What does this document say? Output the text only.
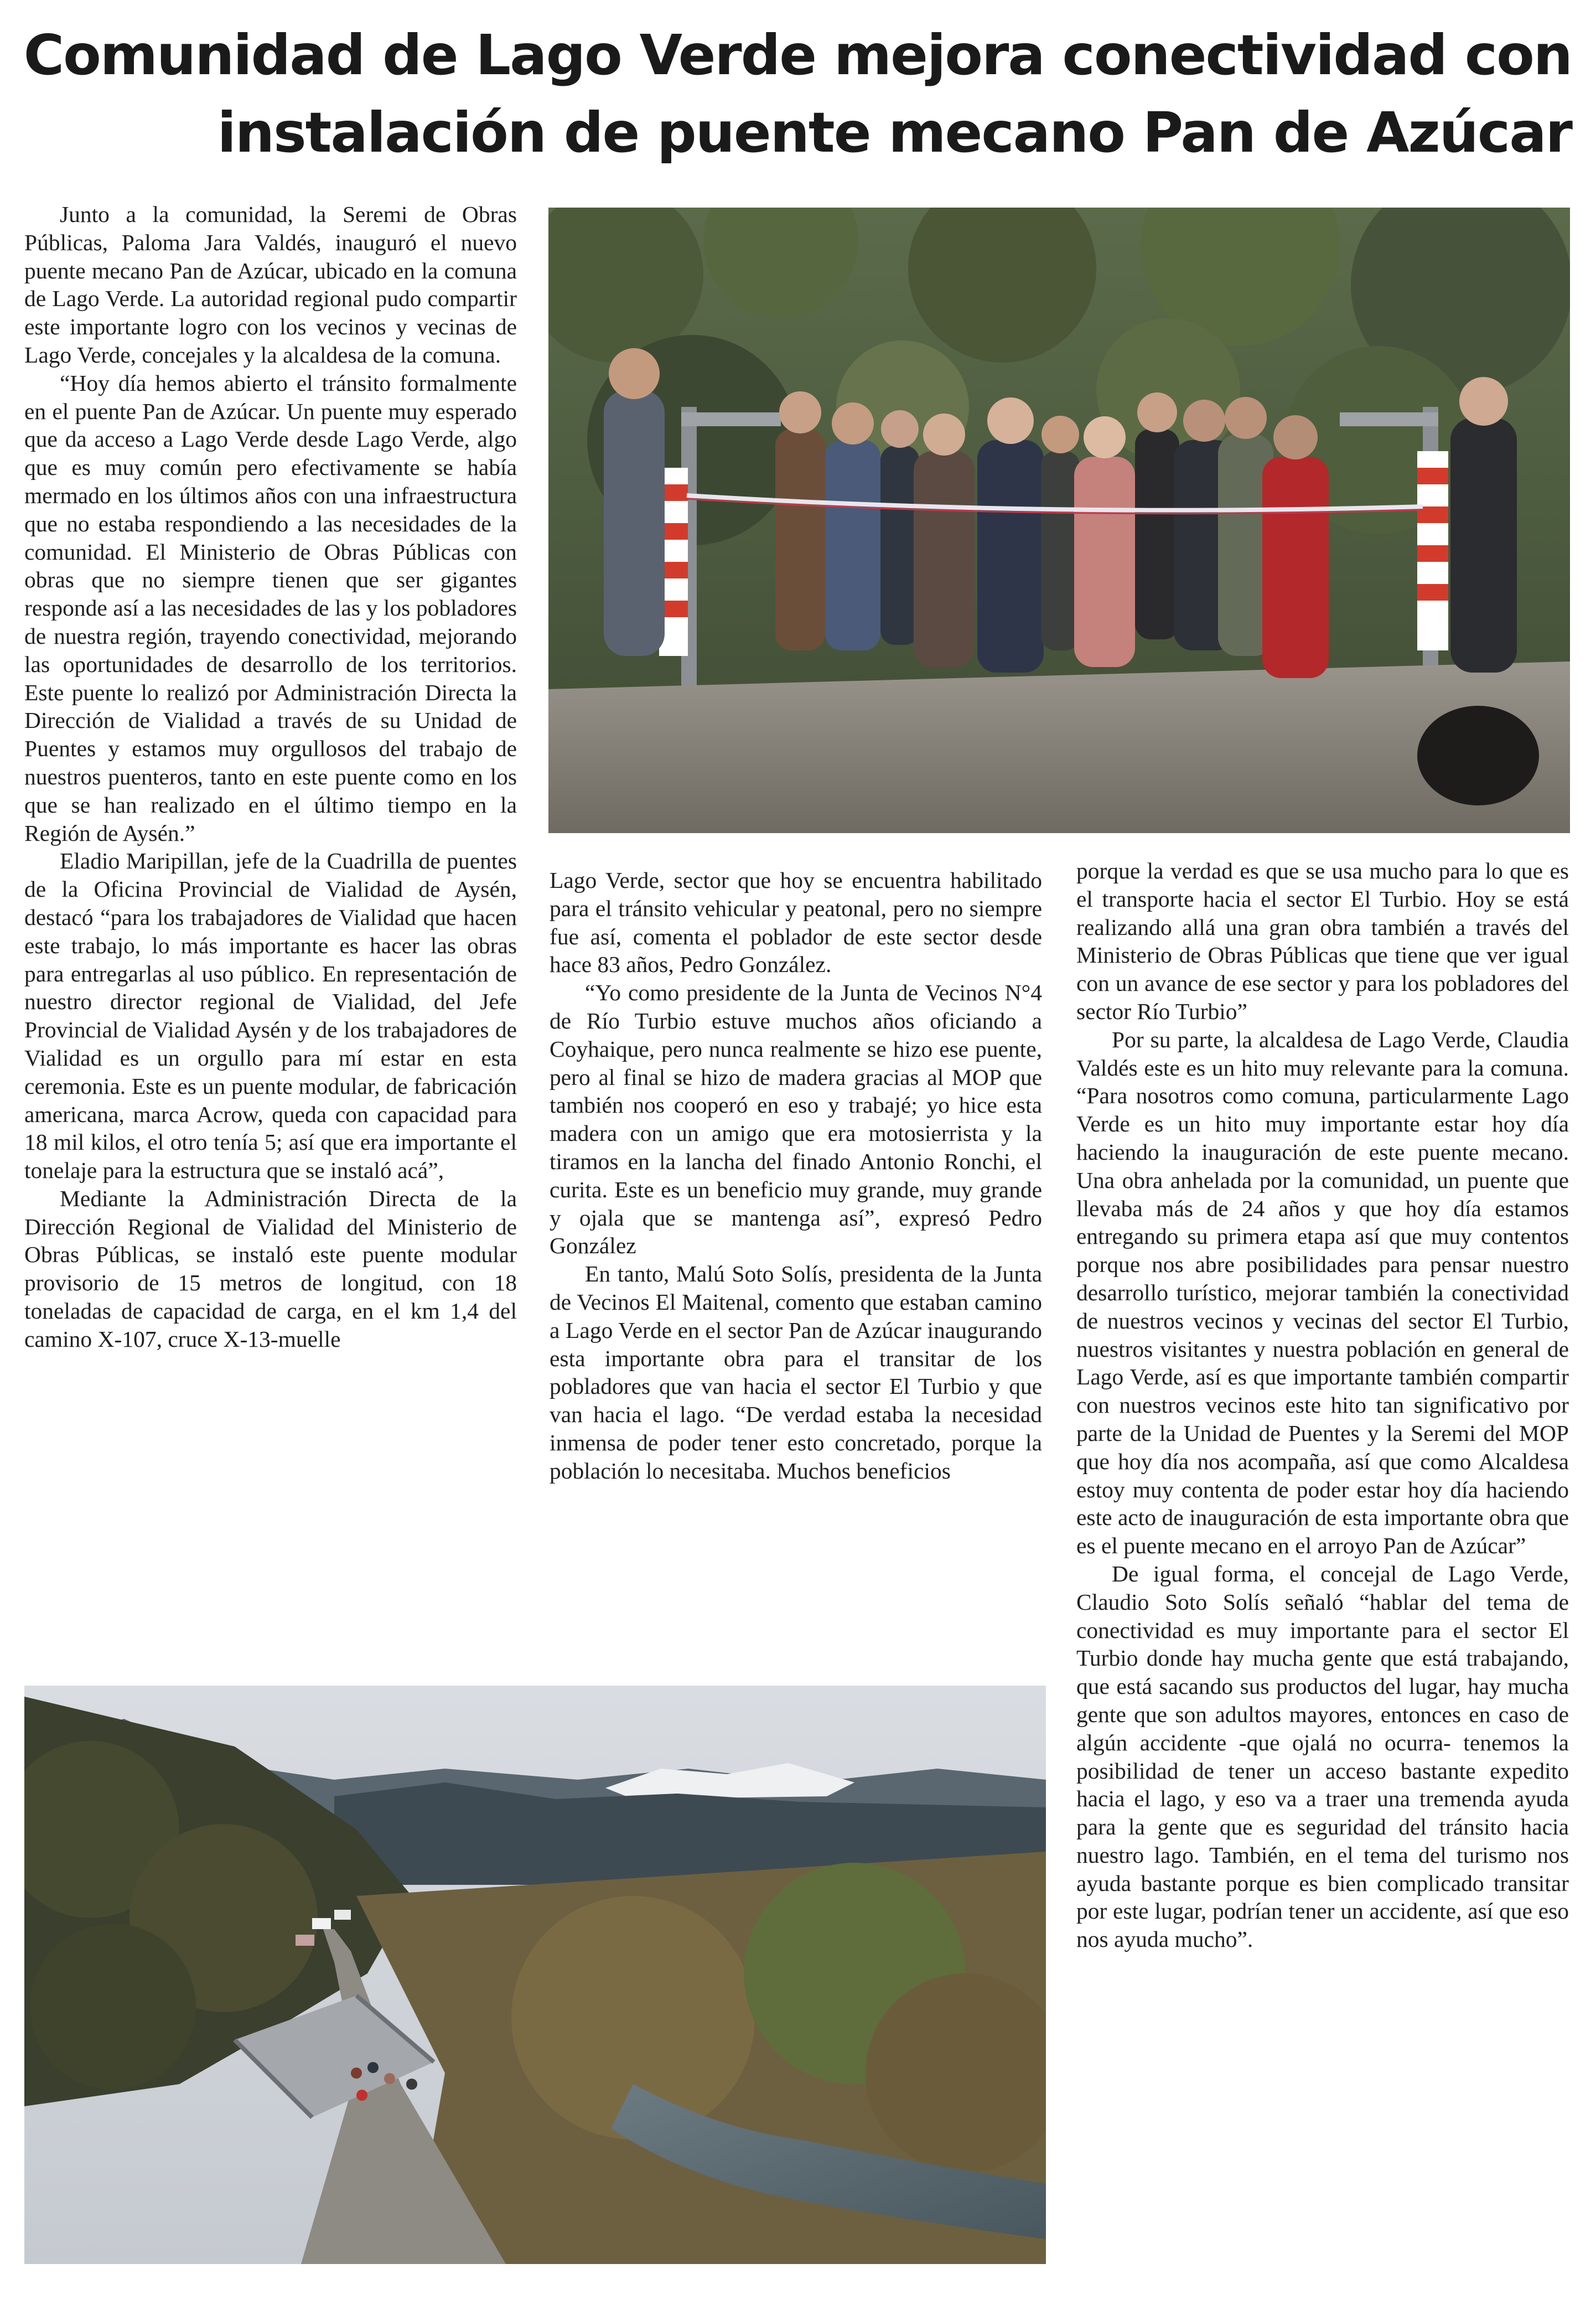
Comunidad de Lago Verde mejora conectividad con
instalación de puente mecano Pan de Azúcar

Junto a la comunidad, la Seremi de Obras Públicas, Paloma Jara Valdés, inauguró el nuevo puente mecano Pan de Azúcar, ubicado en la comuna de Lago Verde. La autoridad regional pudo compartir este importante logro con los vecinos y vecinas de Lago Verde, concejales y la alcaldesa de la comuna.

“Hoy día hemos abierto el tránsito formalmente en el puente Pan de Azúcar. Un puente muy esperado que da acceso a Lago Verde desde Lago Verde, algo que es muy común pero efectivamente se había mermado en los últimos años con una infraestructura que no estaba respondiendo a las necesidades de la comunidad. El Ministerio de Obras Públicas con obras que no siempre tienen que ser gigantes responde así a las necesidades de las y los pobladores de nuestra región, trayendo conectividad, mejorando las oportunidades de desarrollo de los territorios. Este puente lo realizó por Administración Directa la Dirección de Vialidad a través de su Unidad de Puentes y estamos muy orgullosos del trabajo de nuestros puenteros, tanto en este puente como en los que se han realizado en el último tiempo en la Región de Aysén.”

Eladio Maripillan, jefe de la Cuadrilla de puentes de la Oficina Provincial de Vialidad de Aysén, destacó “para los trabajadores de Vialidad que hacen este trabajo, lo más importante es hacer las obras para entregarlas al uso público. En representación de nuestro director regional de Vialidad, del Jefe Provincial de Vialidad Aysén y de los trabajadores de Vialidad es un orgullo para mí estar en esta ceremonia. Este es un puente modular, de fabricación americana, marca Acrow, queda con capacidad para 18 mil kilos, el otro tenía 5; así que era importante el tonelaje para la estructura que se instaló acá”,

Mediante la Administración Directa de la Dirección Regional de Vialidad del Ministerio de Obras Públicas, se instaló este puente modular provisorio de 15 metros de longitud, con 18 toneladas de capacidad de carga, en el km 1,4 del camino X-107, cruce X-13-muelle

Lago Verde, sector que hoy se encuentra habilitado para el tránsito vehicular y peatonal, pero no siempre fue así, comenta el poblador de este sector desde hace 83 años, Pedro González.

“Yo como presidente de la Junta de Vecinos N°4 de Río Turbio estuve muchos años oficiando a Coyhaique, pero nunca realmente se hizo ese puente, pero al final se hizo de madera gracias al MOP que también nos cooperó en eso y trabajé; yo hice esta madera con un amigo que era motosierrista y la tiramos en la lancha del finado Antonio Ronchi, el curita. Este es un beneficio muy grande, muy grande y ojala que se mantenga así”, expresó Pedro González

En tanto, Malú Soto Solís, presidenta de la Junta de Vecinos El Maitenal, comento que estaban camino a Lago Verde en el sector Pan de Azúcar inaugurando esta importante obra para el transitar de los pobladores que van hacia el sector El Turbio y que van hacia el lago. “De verdad estaba la necesidad inmensa de poder tener esto concretado, porque la población lo necesitaba. Muchos beneficios

porque la verdad es que se usa mucho para lo que es el transporte hacia el sector El Turbio. Hoy se está realizando allá una gran obra también a través del Ministerio de Obras Públicas que tiene que ver igual con un avance de ese sector y para los pobladores del sector Río Turbio”

Por su parte, la alcaldesa de Lago Verde, Claudia Valdés este es un hito muy relevante para la comuna. “Para nosotros como comuna, particularmente Lago Verde es un hito muy importante estar hoy día haciendo la inauguración de este puente mecano. Una obra anhelada por la comunidad, un puente que llevaba más de 24 años y que hoy día estamos entregando su primera etapa así que muy contentos porque nos abre posibilidades para pensar nuestro desarrollo turístico, mejorar también la conectividad de nuestros vecinos y vecinas del sector El Turbio, nuestros visitantes y nuestra población en general de Lago Verde, así es que importante también compartir con nuestros vecinos este hito tan significativo por parte de la Unidad de Puentes y la Seremi del MOP que hoy día nos acompaña, así que como Alcaldesa estoy muy contenta de poder estar hoy día haciendo este acto de inauguración de esta importante obra que es el puente mecano en el arroyo Pan de Azúcar”

De igual forma, el concejal de Lago Verde, Claudio Soto Solís señaló “hablar del tema de conectividad es muy importante para el sector El Turbio donde hay mucha gente que está trabajando, que está sacando sus productos del lugar, hay mucha gente que son adultos mayores, entonces en caso de algún accidente -que ojalá no ocurra- tenemos la posibilidad de tener un acceso bastante expedito hacia el lago, y eso va a traer una tremenda ayuda para la gente que es seguridad del tránsito hacia nuestro lago. También, en el tema del turismo nos ayuda bastante porque es bien complicado transitar por este lugar, podrían tener un accidente, así que eso nos ayuda mucho”.
